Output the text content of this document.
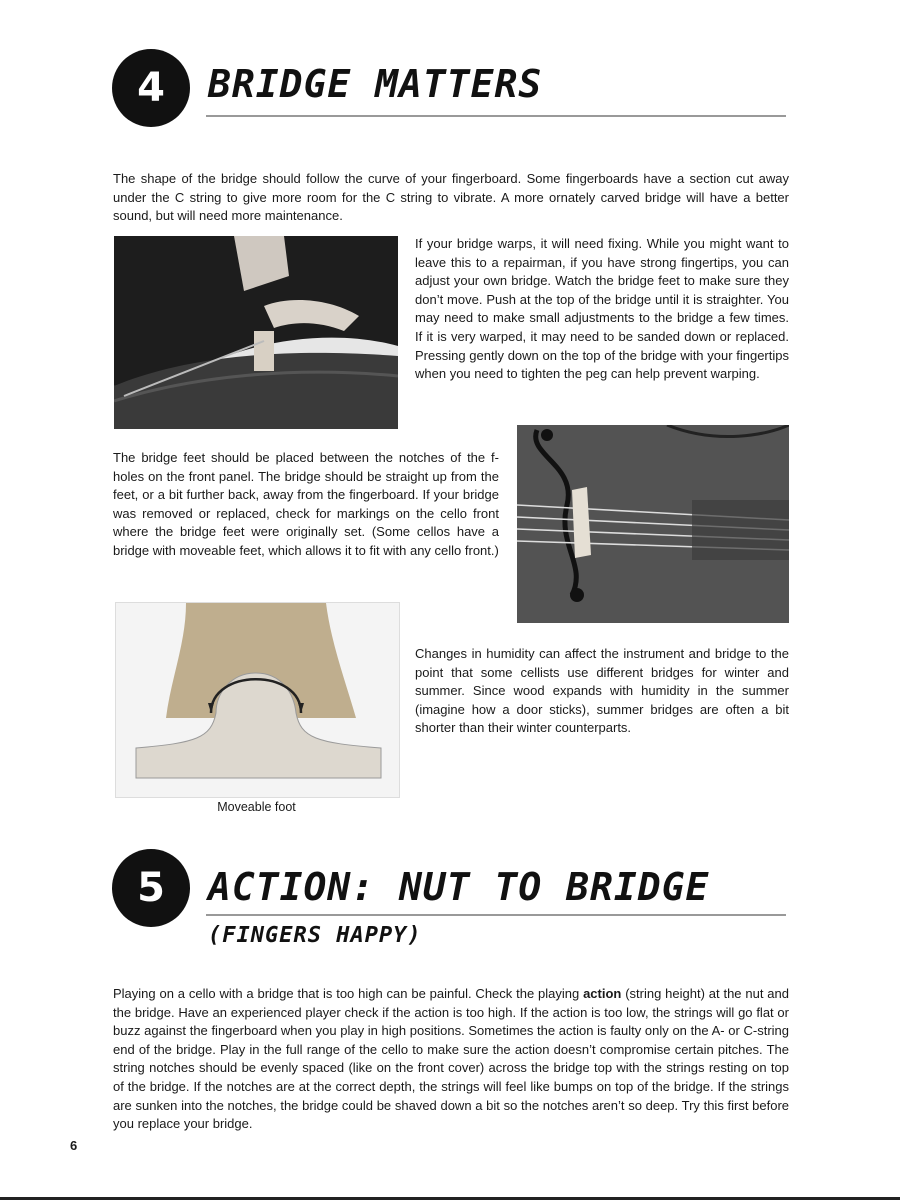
4 BRIDGE MATTERS

The shape of the bridge should follow the curve of your fingerboard. Some fingerboards have a section cut away under the C string to give more room for the C string to vibrate. A more ornately carved bridge will have a better sound, but will need more maintenance.

If your bridge warps, it will need fixing. While you might want to leave this to a repairman, if you have strong fingertips, you can adjust your own bridge. Watch the bridge feet to make sure they don’t move. Push at the top of the bridge until it is straighter. You may need to make small adjustments to the bridge a few times. If it is very warped, it may need to be sanded down or replaced. Pressing gently down on the top of the bridge with your fingertips when you need to tighten the peg can help prevent warping.

The bridge feet should be placed between the notches of the f-holes on the front panel. The bridge should be straight up from the feet, or a bit further back, away from the fingerboard. If your bridge was removed or replaced, check for markings on the cello front where the bridge feet were originally set. (Some cellos have a bridge with moveable feet, which allows it to fit with any cello front.)

Moveable foot

Changes in humidity can affect the instrument and bridge to the point that some cellists use different bridges for winter and summer. Since wood expands with humidity in the summer (imagine how a door sticks), summer bridges are often a bit shorter than their winter counterparts.

5 ACTION: NUT TO BRIDGE
(FINGERS HAPPY)

Playing on a cello with a bridge that is too high can be painful. Check the playing action (string height) at the nut and the bridge. Have an experienced player check if the action is too high. If the action is too low, the strings will go flat or buzz against the fingerboard when you play in high positions. Sometimes the action is faulty only on the A- or C-string end of the bridge. Play in the full range of the cello to make sure the action doesn’t compromise certain pitches. The string notches should be evenly spaced (like on the front cover) across the bridge top with the strings resting on top of the bridge. If the notches are at the correct depth, the strings will feel like bumps on top of the bridge. If the strings are sunken into the notches, the bridge could be shaved down a bit so the notches aren’t so deep. Try this first before you replace your bridge.

6
